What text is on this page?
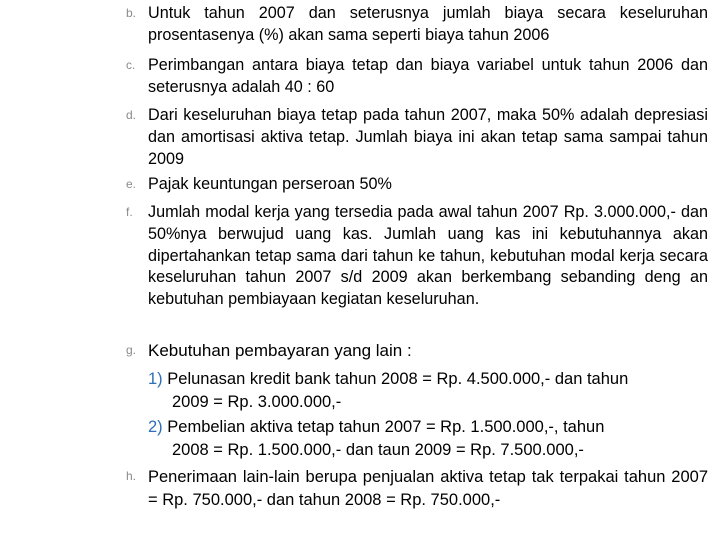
b. Untuk tahun 2007 dan seterusnya jumlah biaya secara keseluruhan prosentasenya (%) akan sama seperti biaya tahun 2006
c. Perimbangan antara biaya tetap dan biaya variabel untuk tahun 2006 dan seterusnya adalah 40 : 60
d. Dari keseluruhan biaya tetap pada tahun 2007, maka 50% adalah depresiasi dan amortisasi aktiva tetap. Jumlah biaya ini akan tetap sama sampai tahun 2009
e. Pajak keuntungan perseroan 50%
f. Jumlah modal kerja yang tersedia pada awal tahun 2007 Rp. 3.000.000,- dan 50%nya berwujud uang kas. Jumlah uang kas ini kebutuhannya akan dipertahankan tetap sama dari tahun ke tahun, kebutuhan modal kerja secara keseluruhan tahun 2007 s/d 2009 akan berkembang sebanding deng an kebutuhan pembiayaan kegiatan keseluruhan.
g. Kebutuhan pembayaran yang lain :
1) Pelunasan kredit bank tahun 2008 = Rp. 4.500.000,- dan tahun
2009 = Rp. 3.000.000,-
2) Pembelian aktiva tetap tahun 2007 = Rp. 1.500.000,-, tahun
2008 = Rp. 1.500.000,- dan taun 2009 = Rp. 7.500.000,-
h. Penerimaan lain-lain berupa penjualan aktiva tetap tak terpakai tahun 2007 = Rp. 750.000,- dan tahun 2008 = Rp. 750.000,-
